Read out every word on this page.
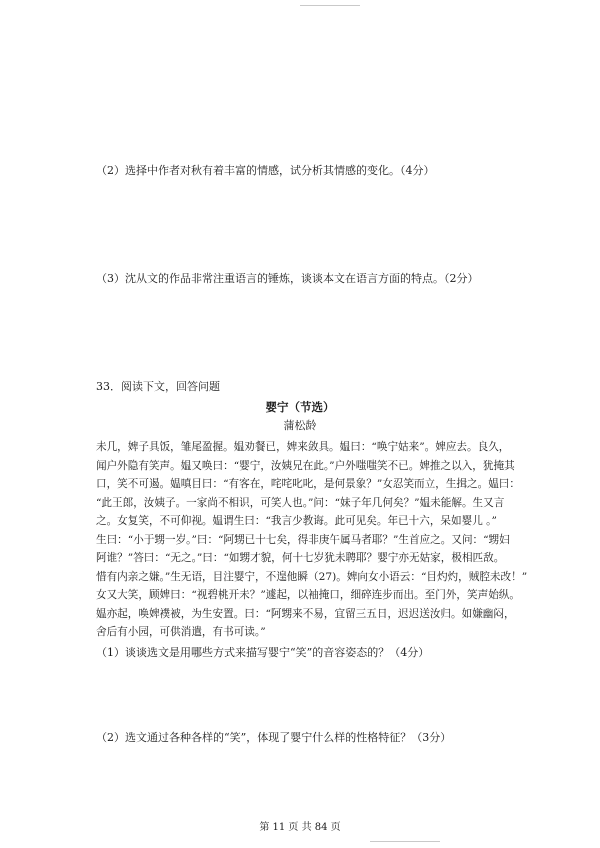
（2）选择中作者对秋有着丰富的情感，试分析其情感的变化。（4分）
（3）沈从文的作品非常注重语言的锤炼，谈谈本文在语言方面的特点。（2分）
33．阅读下文，回答问题
婴宁（节选）
蒲松龄
未几，婢子具饭，雏尾盈握。媪劝餐已，婢来敛具。媪曰：“唤宁姑来”。婢应去。良久，
闻户外隐有笑声。媪又唤曰：“婴宁，汝姨兄在此。”户外嗤嗤笑不已。婢推之以入，犹掩其
口，笑不可遏。媪嗔目曰：“有客在，咤咤叱叱，是何景象？”女忍笑而立，生揖之。媪曰：
“此王郎，汝姨子。一家尚不相识，可笑人也。”问：“妹子年几何矣？”媪未能解。生又言
之。女复笑，不可仰视。媪谓生曰：“我言少教诲。此可见矣。年已十六，呆如婴儿 。”
生曰：“小于甥一岁。”曰：“阿甥已十七矣，得非庚午属马者耶？”生首应之。又问：“甥妇
阿谁？”答曰：“无之。”曰：“如甥才貌，何十七岁犹未聘耶？婴宁亦无姑家，极相匹敌。
惜有内亲之嫌。”生无语，目注婴宁，不遑他瞬（27)。婢向女小语云：“目灼灼，贼腔未改！”
女又大笑，顾婢曰：“视碧桃开未？”遽起，以袖掩口，细碎连步而出。至门外，笑声始纵。
媪亦起，唤婢襆被，为生安置。曰：“阿甥来不易，宜留三五日，迟迟送汝归。如嫌幽闷，
舍后有小园，可供消遣，有书可读。”
（1）谈谈选文是用哪些方式来描写婴宁“笑”的音容姿态的？（4分）
（2）选文通过各种各样的“笑”，体现了婴宁什么样的性格特征？（3分）
第 11 页 共 84 页
